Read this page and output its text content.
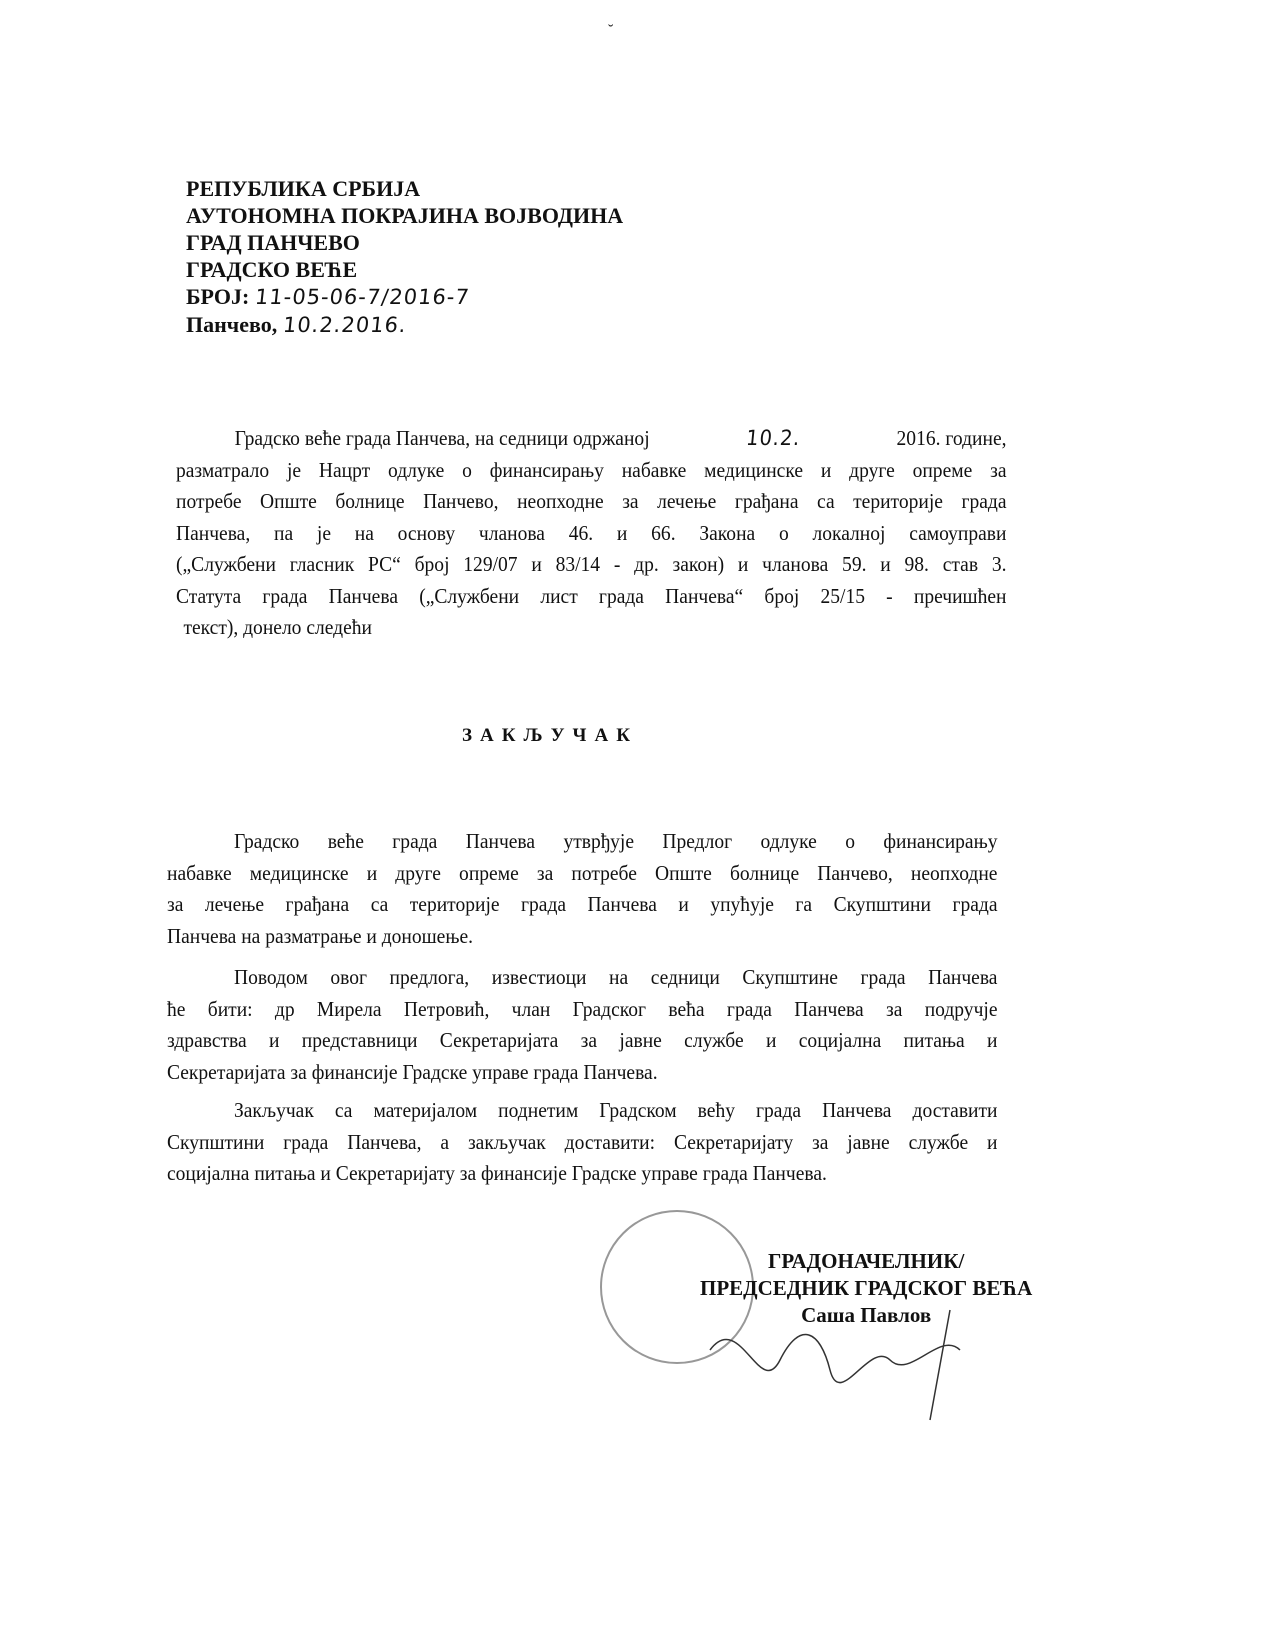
˘
РЕПУБЛИКА СРБИЈА
АУТОНОМНА ПОКРАЈИНА ВОЈВОДИНА
ГРАД ПАНЧЕВО
ГРАДСКО ВЕЋЕ
БРОЈ: 11-05-06-7/2016-7
Панчево, 10.2.2016.
Градско веће града Панчева, на седници одржаној	10.2.	2016. године,
разматрало је Нацрт одлуке о финансирању набавке медицинске и друге опреме за
потребе Опште болнице Панчево, неопходне за лечење грађана са територије града
Панчева, па је на основу чланова 46. и 66. Закона о локалној самоуправи
(„Службени гласник РС“ број 129/07 и 83/14 - др. закон) и чланова 59. и 98. став 3.
Статута града Панчева („Службени лист града Панчева“ број 25/15 - пречишћен
текст), донело следећи
ЗАКЉУЧАК
Градско веће града Панчева утврђује Предлог одлуке о финансирању
набавке медицинске и друге опреме за потребе Опште болнице Панчево, неопходне
за лечење грађана са територије града Панчева и упућује га Скупштини града
Панчева на разматрање и доношење.
Поводом овог предлога, известиоци на седници Скупштине града Панчева
ће бити: др Мирела Петровић, члан Градског већа града Панчева за подручје
здравства и представници Секретаријата за јавне службе и социјална питања и
Секретаријата за финансије Градске управе града Панчева.
Закључак са материјалом поднетим Градском већу града Панчева доставити
Скупштини града Панчева, а закључак доставити: Секретаријату за јавне службе и
социјална питања и Секретаријату за финансије Градске управе града Панчева.
ГРАДОНАЧЕЛНИК/
ПРЕДСЕДНИК ГРАДСКОГ ВЕЋА
Саша Павлов
